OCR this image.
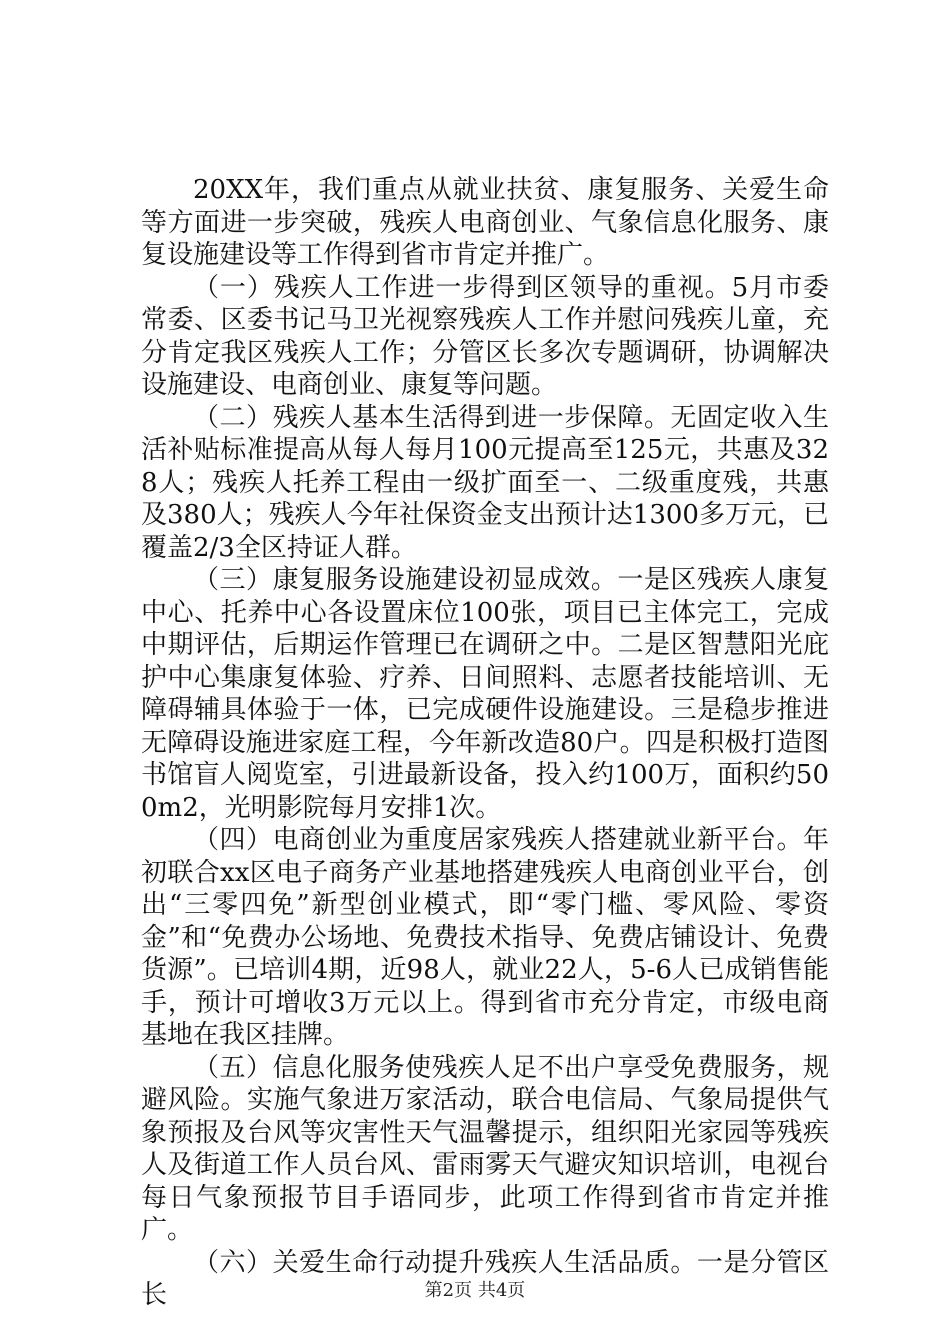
20XX年，我们重点从就业扶贫、康复服务、关爱生命等方面进一步突破，残疾人电商创业、气象信息化服务、康复设施建设等工作得到省市肯定并推广。

（一）残疾人工作进一步得到区领导的重视。5月市委常委、区委书记马卫光视察残疾人工作并慰问残疾儿童，充分肯定我区残疾人工作；分管区长多次专题调研，协调解决设施建设、电商创业、康复等问题。

（二）残疾人基本生活得到进一步保障。无固定收入生活补贴标准提高从每人每月100元提高至125元，共惠及328人；残疾人托养工程由一级扩面至一、二级重度残，共惠及380人；残疾人今年社保资金支出预计达1300多万元，已覆盖2/3全区持证人群。

（三）康复服务设施建设初显成效。一是区残疾人康复中心、托养中心各设置床位100张，项目已主体完工，完成中期评估，后期运作管理已在调研之中。二是区智慧阳光庇护中心集康复体验、疗养、日间照料、志愿者技能培训、无障碍辅具体验于一体，已完成硬件设施建设。三是稳步推进无障碍设施进家庭工程，今年新改造80户。四是积极打造图书馆盲人阅览室，引进最新设备，投入约100万，面积约500m2，光明影院每月安排1次。

（四）电商创业为重度居家残疾人搭建就业新平台。年初联合xx区电子商务产业基地搭建残疾人电商创业平台，创出“三零四免”新型创业模式，即“零门槛、零风险、零资金”和“免费办公场地、免费技术指导、免费店铺设计、免费货源”。已培训4期，近98人，就业22人，5-6人已成销售能手，预计可增收3万元以上。得到省市充分肯定，市级电商基地在我区挂牌。

（五）信息化服务使残疾人足不出户享受免费服务，规避风险。实施气象进万家活动，联合电信局、气象局提供气象预报及台风等灾害性天气温馨提示，组织阳光家园等残疾人及街道工作人员台风、雷雨雾天气避灾知识培训，电视台每日气象预报节目手语同步，此项工作得到省市肯定并推广。

（六）关爱生命行动提升残疾人生活品质。一是分管区长	第2页 共4页
